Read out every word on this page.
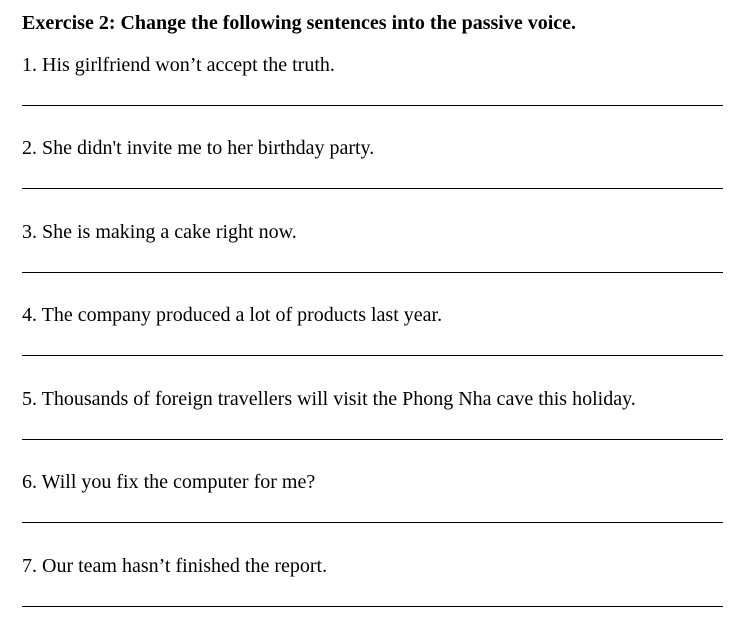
Exercise 2: Change the following sentences into the passive voice.
1. His girlfriend won’t accept the truth.
2. She didn't invite me to her birthday party.
3. She is making a cake right now.
4. The company produced a lot of products last year.
5. Thousands of foreign travellers will visit the Phong Nha cave this holiday.
6. Will you fix the computer for me?
7. Our team hasn’t finished the report.
